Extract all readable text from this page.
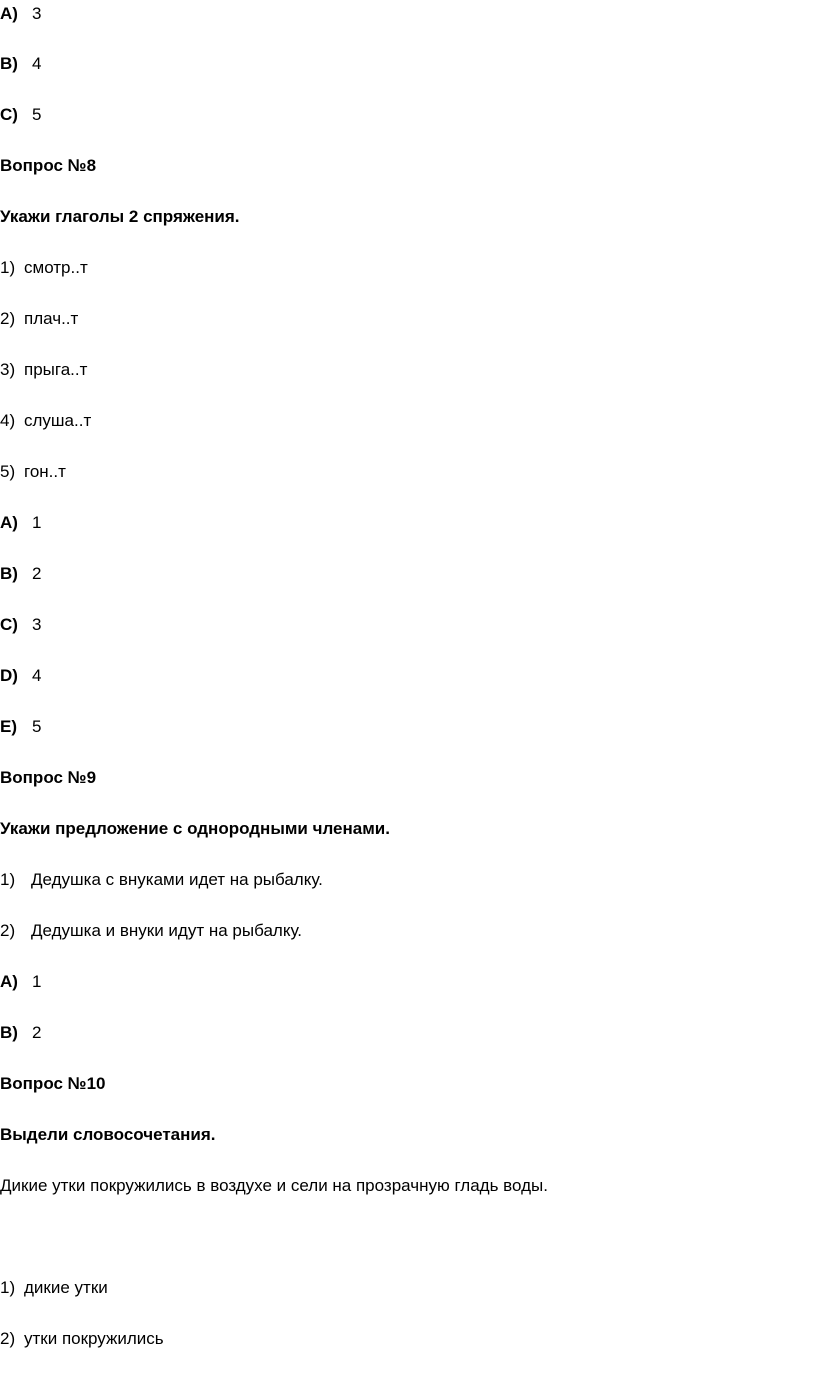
A) 3
B) 4
C) 5
Вопрос №8
Укажи глаголы 2 спряжения.
1) смотр..т
2) плач..т
3) прыга..т
4) слуша..т
5) гон..т
A) 1
B) 2
C) 3
D) 4
E) 5
Вопрос №9
Укажи предложение с однородными членами.
1) Дедушка с внуками идет на рыбалку.
2) Дедушка и внуки идут на рыбалку.
A) 1
B) 2
Вопрос №10
Выдели словосочетания.
Дикие утки покружились в воздухе и сели на прозрачную гладь воды.
1) дикие утки
2) утки покружились
